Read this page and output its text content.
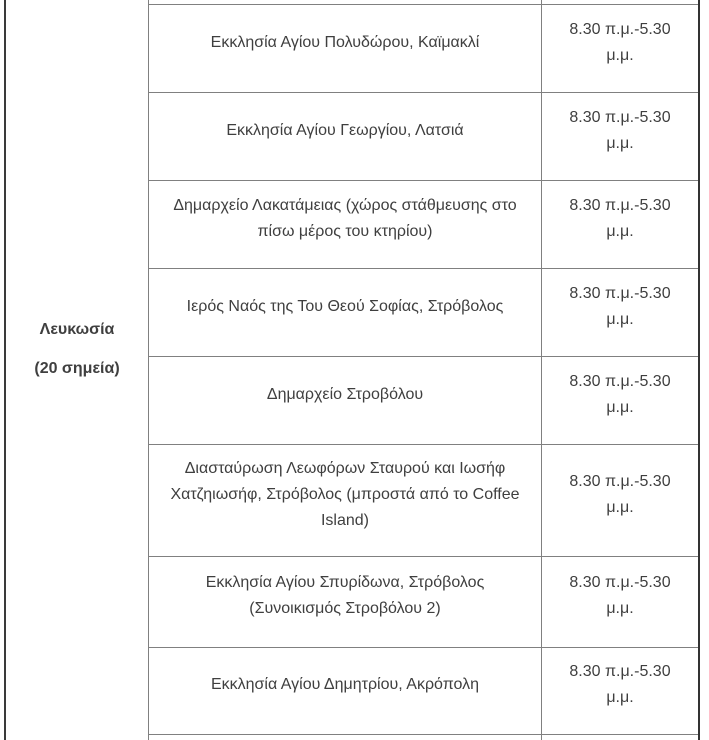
Λευκωσία
(20 σημεία)
Εκκλησία Αγίου Πολυδώρου, Καϊμακλί
8.30 π.μ.-5.30 μ.μ.
Εκκλησία Αγίου Γεωργίου, Λατσιά
8.30 π.μ.-5.30 μ.μ.
Δημαρχείο Λακατάμειας (χώρος στάθμευσης στο πίσω μέρος του κτηρίου)
8.30 π.μ.-5.30 μ.μ.
Ιερός Ναός της Του Θεού Σοφίας, Στρόβολος
8.30 π.μ.-5.30 μ.μ.
Δημαρχείο Στροβόλου
8.30 π.μ.-5.30 μ.μ.
Διασταύρωση Λεωφόρων Σταυρού και Ιωσήφ Χατζηιωσήφ, Στρόβολος (μπροστά από το Coffee Island)
8.30 π.μ.-5.30 μ.μ.
Εκκλησία Αγίου Σπυρίδωνα, Στρόβολος (Συνοικισμός Στροβόλου 2)
8.30 π.μ.-5.30 μ.μ.
Εκκλησία Αγίου Δημητρίου, Ακρόπολη
8.30 π.μ.-5.30 μ.μ.
